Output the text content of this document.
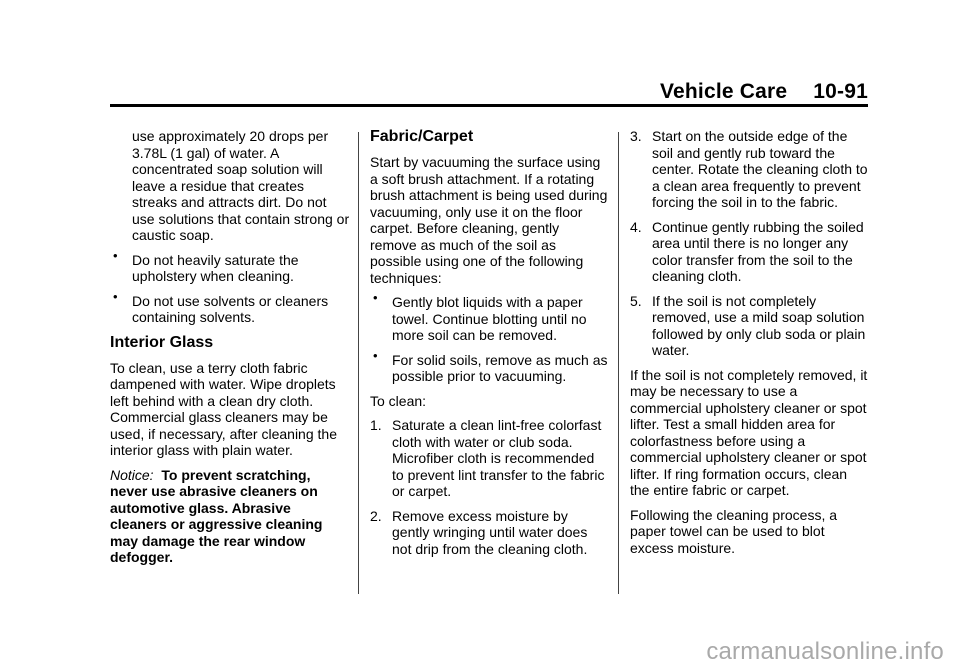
Vehicle Care 10-91

use approximately 20 drops per 3.78L (1 gal) of water. A concentrated soap solution will leave a residue that creates streaks and attracts dirt. Do not use solutions that contain strong or caustic soap.

• Do not heavily saturate the upholstery when cleaning.
• Do not use solvents or cleaners containing solvents.
Interior Glass

To clean, use a terry cloth fabric dampened with water. Wipe droplets left behind with a clean dry cloth. Commercial glass cleaners may be used, if necessary, after cleaning the interior glass with plain water.

Notice: To prevent scratching, never use abrasive cleaners on automotive glass. Abrasive cleaners or aggressive cleaning may damage the rear window defogger.

Fabric/Carpet

Start by vacuuming the surface using a soft brush attachment. If a rotating brush attachment is being used during vacuuming, only use it on the floor carpet. Before cleaning, gently remove as much of the soil as possible using one of the following techniques:

• Gently blot liquids with a paper towel. Continue blotting until no more soil can be removed.
• For solid soils, remove as much as possible prior to vacuuming.

To clean:

1. Saturate a clean lint-free colorfast cloth with water or club soda. Microfiber cloth is recommended to prevent lint transfer to the fabric or carpet.
2. Remove excess moisture by gently wringing until water does not drip from the cleaning cloth.
3. Start on the outside edge of the soil and gently rub toward the center. Rotate the cleaning cloth to a clean area frequently to prevent forcing the soil in to the fabric.
4. Continue gently rubbing the soiled area until there is no longer any color transfer from the soil to the cleaning cloth.
5. If the soil is not completely removed, use a mild soap solution followed by only club soda or plain water.

If the soil is not completely removed, it may be necessary to use a commercial upholstery cleaner or spot lifter. Test a small hidden area for colorfastness before using a commercial upholstery cleaner or spot lifter. If ring formation occurs, clean the entire fabric or carpet.

Following the cleaning process, a paper towel can be used to blot excess moisture.

carmanualsonline.info
